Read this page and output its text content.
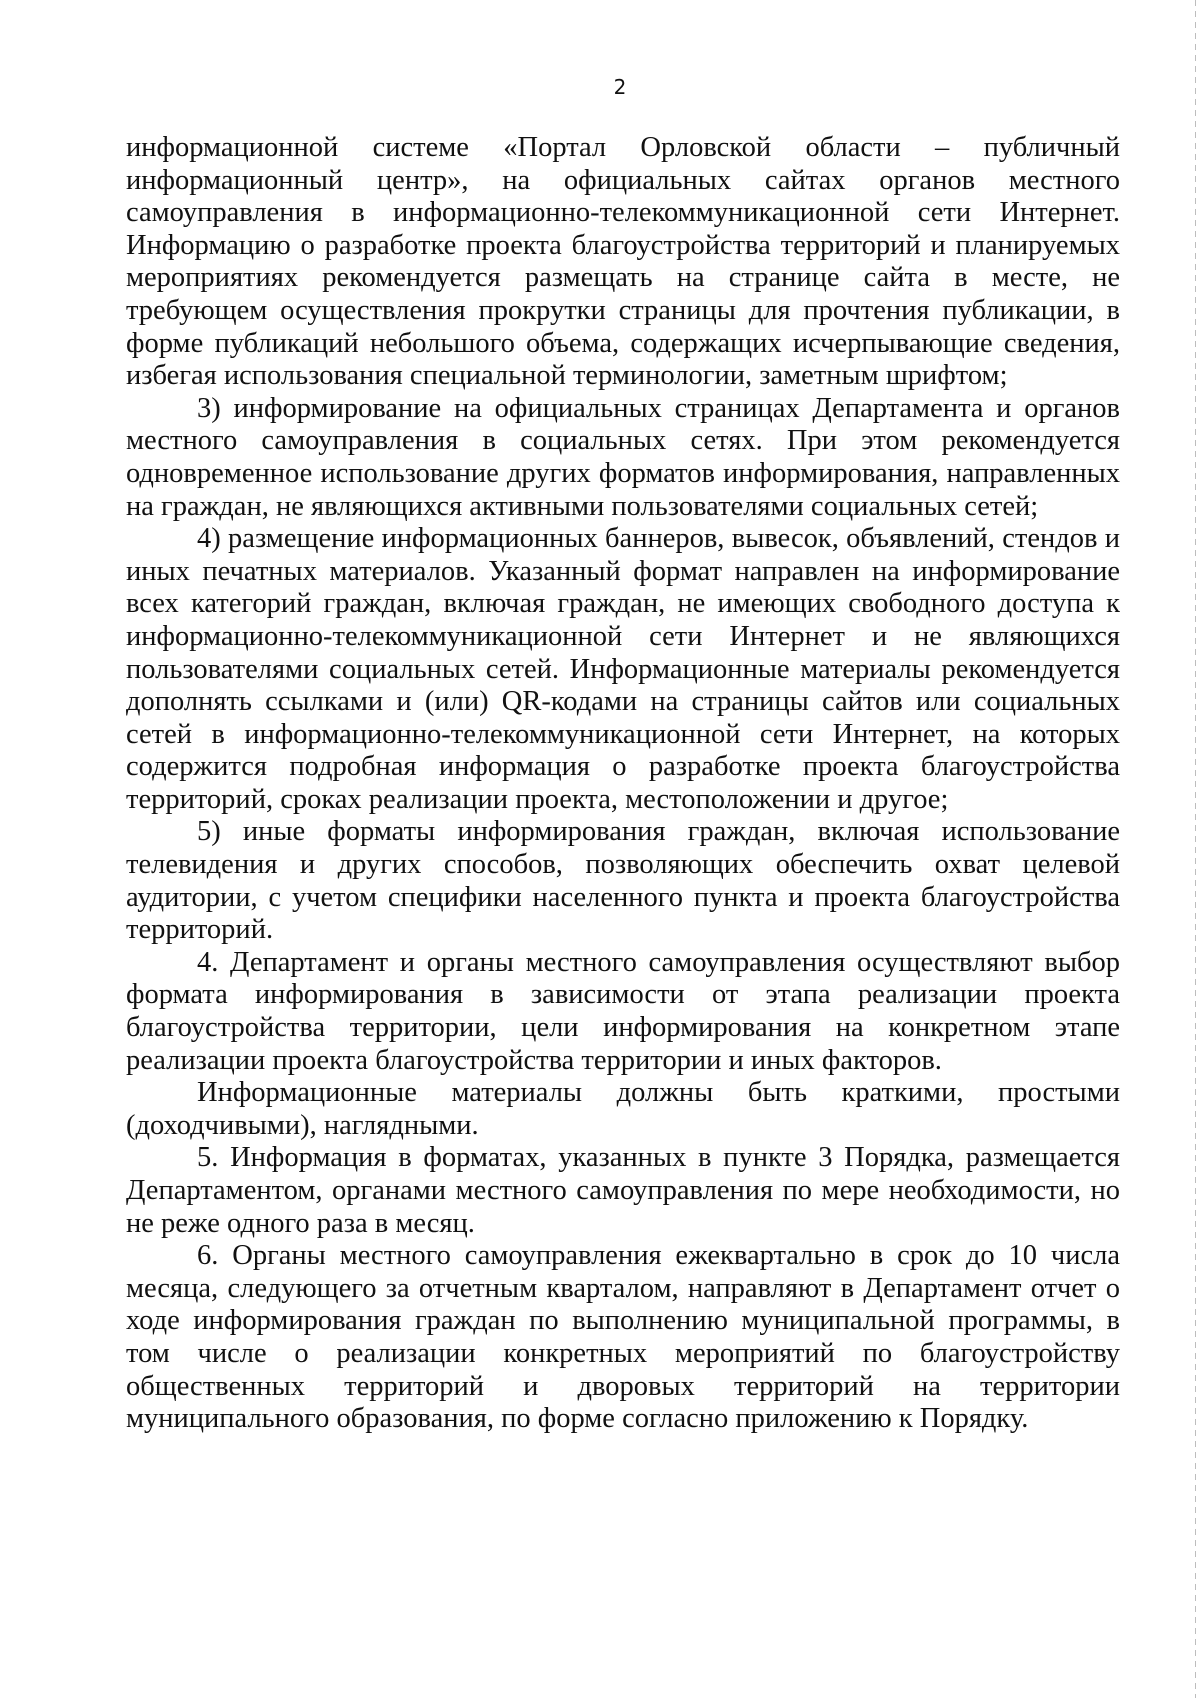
2

информационной системе «Портал Орловской области – публичный информационный центр», на официальных сайтах органов местного самоуправления в информационно-телекоммуникационной сети Интернет. Информацию о разработке проекта благоустройства территорий и планируемых мероприятиях рекомендуется размещать на странице сайта в месте, не требующем осуществления прокрутки страницы для прочтения публикации, в форме публикаций небольшого объема, содержащих исчерпывающие сведения, избегая использования специальной терминологии, заметным шрифтом;

3) информирование на официальных страницах Департамента и органов местного самоуправления в социальных сетях. При этом рекомендуется одновременное использование других форматов информирования, направленных на граждан, не являющихся активными пользователями социальных сетей;

4) размещение информационных баннеров, вывесок, объявлений, стендов и иных печатных материалов. Указанный формат направлен на информирование всех категорий граждан, включая граждан, не имеющих свободного доступа к информационно-телекоммуникационной сети Интернет и не являющихся пользователями социальных сетей. Информационные материалы рекомендуется дополнять ссылками и (или) QR-кодами на страницы сайтов или социальных сетей в информационно-телекоммуникационной сети Интернет, на которых содержится подробная информация о разработке проекта благоустройства территорий, сроках реализации проекта, местоположении и другое;

5) иные форматы информирования граждан, включая использование телевидения и других способов, позволяющих обеспечить охват целевой аудитории, с учетом специфики населенного пункта и проекта благоустройства территорий.

4. Департамент и органы местного самоуправления осуществляют выбор формата информирования в зависимости от этапа реализации проекта благоустройства территории, цели информирования на конкретном этапе реализации проекта благоустройства территории и иных факторов.

Информационные материалы должны быть краткими, простыми (доходчивыми), наглядными.

5. Информация в форматах, указанных в пункте 3 Порядка, размещается Департаментом, органами местного самоуправления по мере необходимости, но не реже одного раза в месяц.

6. Органы местного самоуправления ежеквартально в срок до 10 числа месяца, следующего за отчетным кварталом, направляют в Департамент отчет о ходе информирования граждан по выполнению муниципальной программы, в том числе о реализации конкретных мероприятий по благоустройству общественных территорий и дворовых территорий на территории муниципального образования, по форме согласно приложению к Порядку.
